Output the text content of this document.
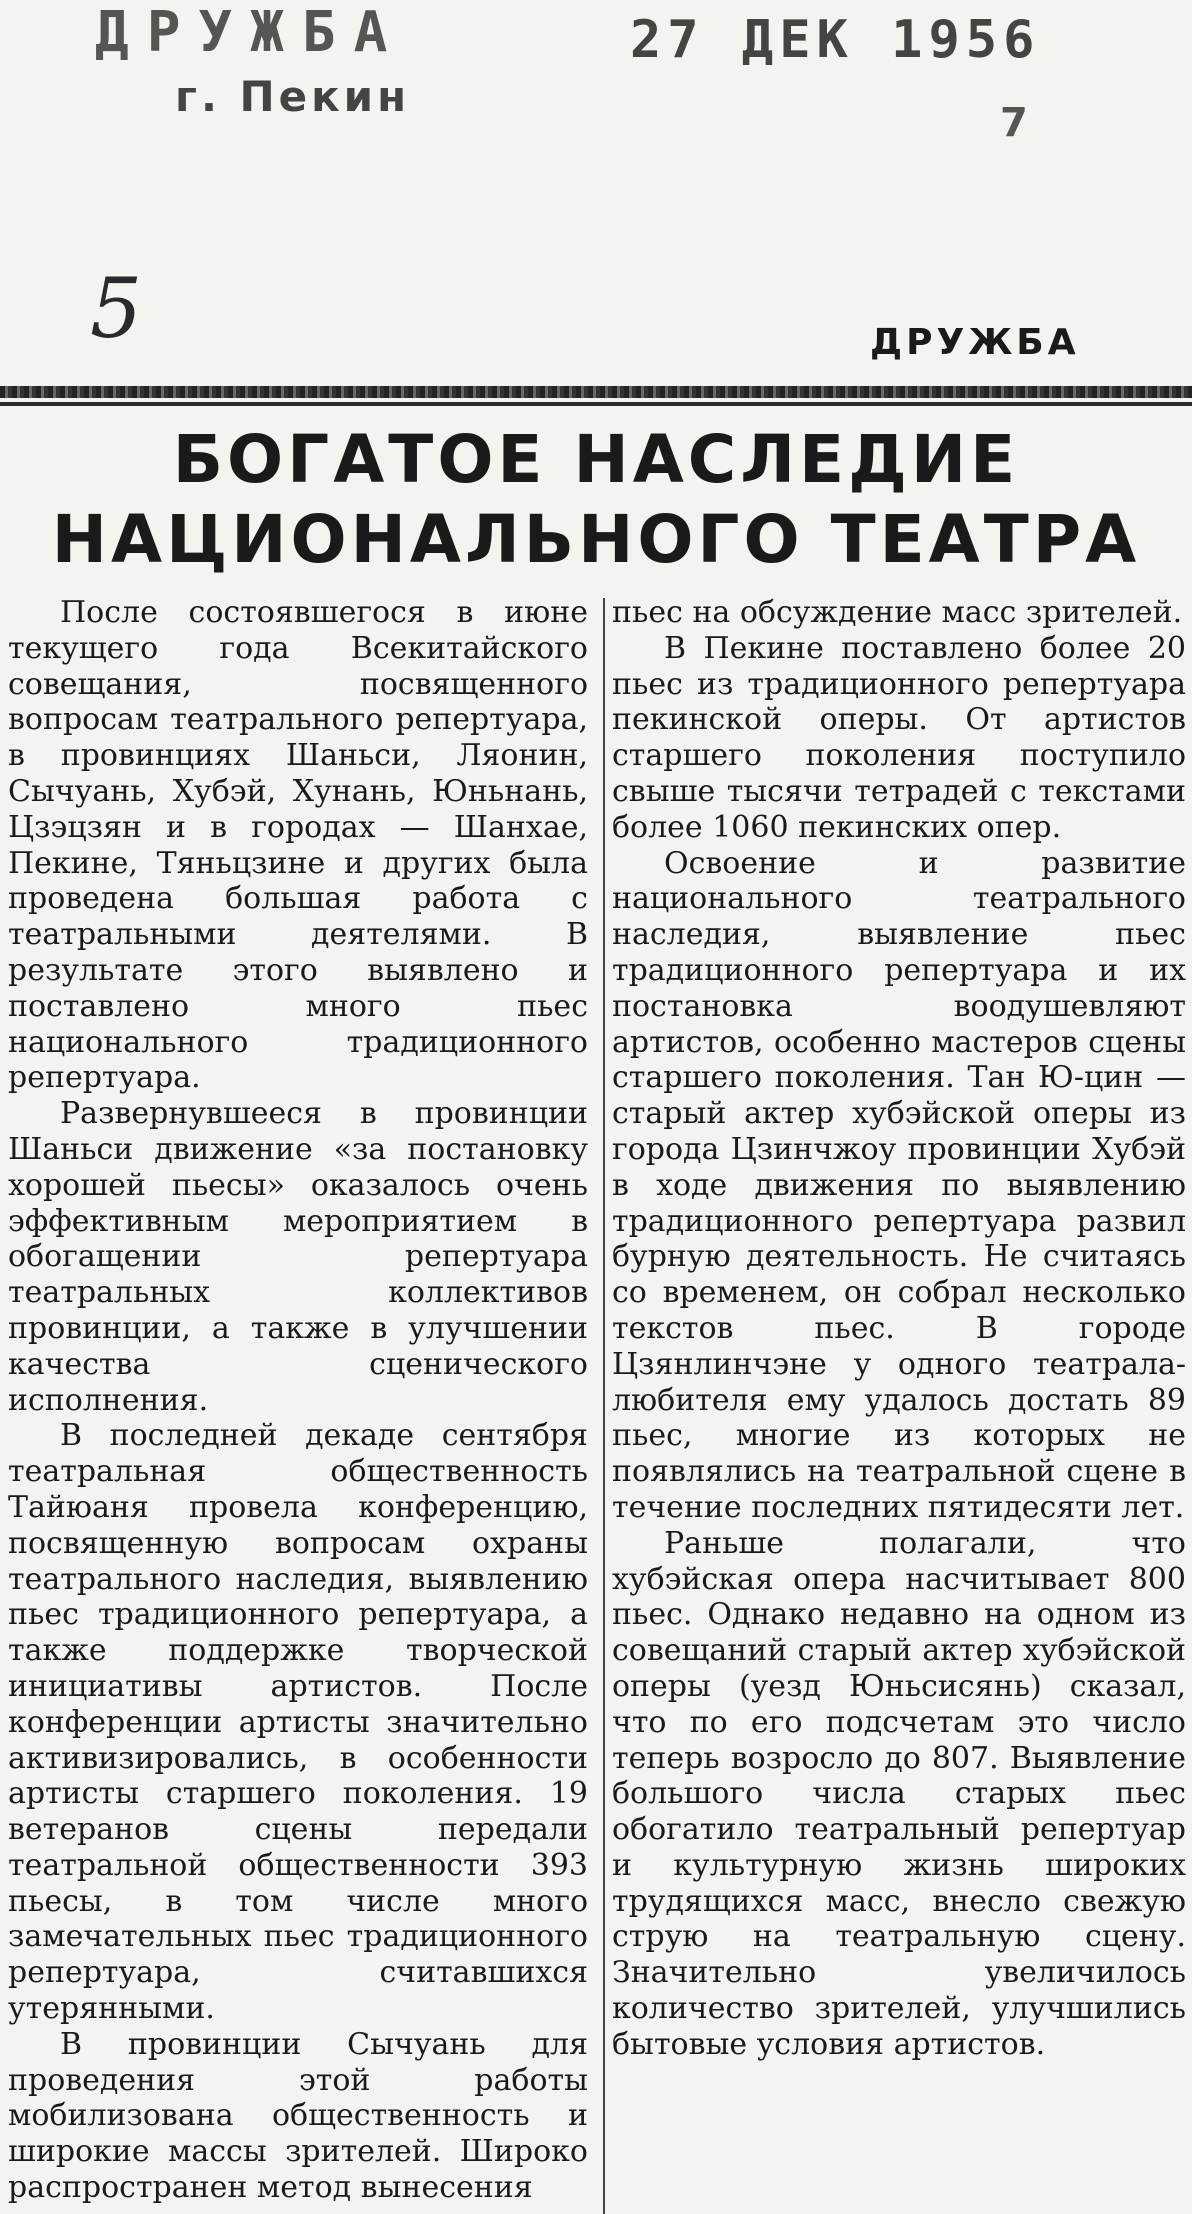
ДРУЖБА
г. Пекин
27 ДЕК 1956
7
5	ДРУЖБА
БОГАТОЕ НАСЛЕДИЕ
НАЦИОНАЛЬНОГО ТЕАТРА

После состоявшегося в июне текущего года Всекитайского совещания, посвященного вопросам театрального репертуара, в провинциях Шаньси, Ляонин, Сычуань, Хубэй, Хунань, Юньнань, Цзэцзян и в городах — Шанхае, Пекине, Тяньцзине и других была проведена большая работа с театральными деятелями. В результате этого выявлено и поставлено много пьес национального традиционного репертуара.

Развернувшееся в провинции Шаньси движение «за постановку хорошей пьесы» оказалось очень эффективным мероприятием в обогащении репертуара театральных коллективов провинции, а также в улучшении качества сценического исполнения.

В последней декаде сентября театральная общественность Тайюаня провела конференцию, посвященную вопросам охраны театрального наследия, выявлению пьес традиционного репертуара, а также поддержке творческой инициативы артистов. После конференции артисты значительно активизировались, в особенности артисты старшего поколения. 19 ветеранов сцены передали театральной общественности 393 пьесы, в том числе много замечательных пьес традиционного репертуара, считавшихся утерянными.

В провинции Сычуань для проведения этой работы мобилизована общественность и широкие массы зрителей. Широко распространен метод вынесения

пьес на обсуждение масс зрителей.

В Пекине поставлено более 20 пьес из традиционного репертуара пекинской оперы. От артистов старшего поколения поступило свыше тысячи тетрадей с текстами более 1060 пекинских опер.

Освоение и развитие национального театрального наследия, выявление пьес традиционного репертуара и их постановка воодушевляют артистов, особенно мастеров сцены старшего поколения. Тан Ю-цин — старый актер хубэйской оперы из города Цзинчжоу провинции Хубэй в ходе движения по выявлению традиционного репертуара развил бурную деятельность. Не считаясь со временем, он собрал несколько текстов пьес. В городе Цзянлинчэне у одного театрала-любителя ему удалось достать 89 пьес, многие из которых не появлялись на театральной сцене в течение последних пятидесяти лет.

Раньше полагали, что хубэйская опера насчитывает 800 пьес. Однако недавно на одном из совещаний старый актер хубэйской оперы (уезд Юньсисянь) сказал, что по его подсчетам это число теперь возросло до 807. Выявление большого числа старых пьес обогатило театральный репертуар и культурную жизнь широких трудящихся масс, внесло свежую струю на театральную сцену. Значительно увеличилось количество зрителей, улучшились бытовые условия артистов.
